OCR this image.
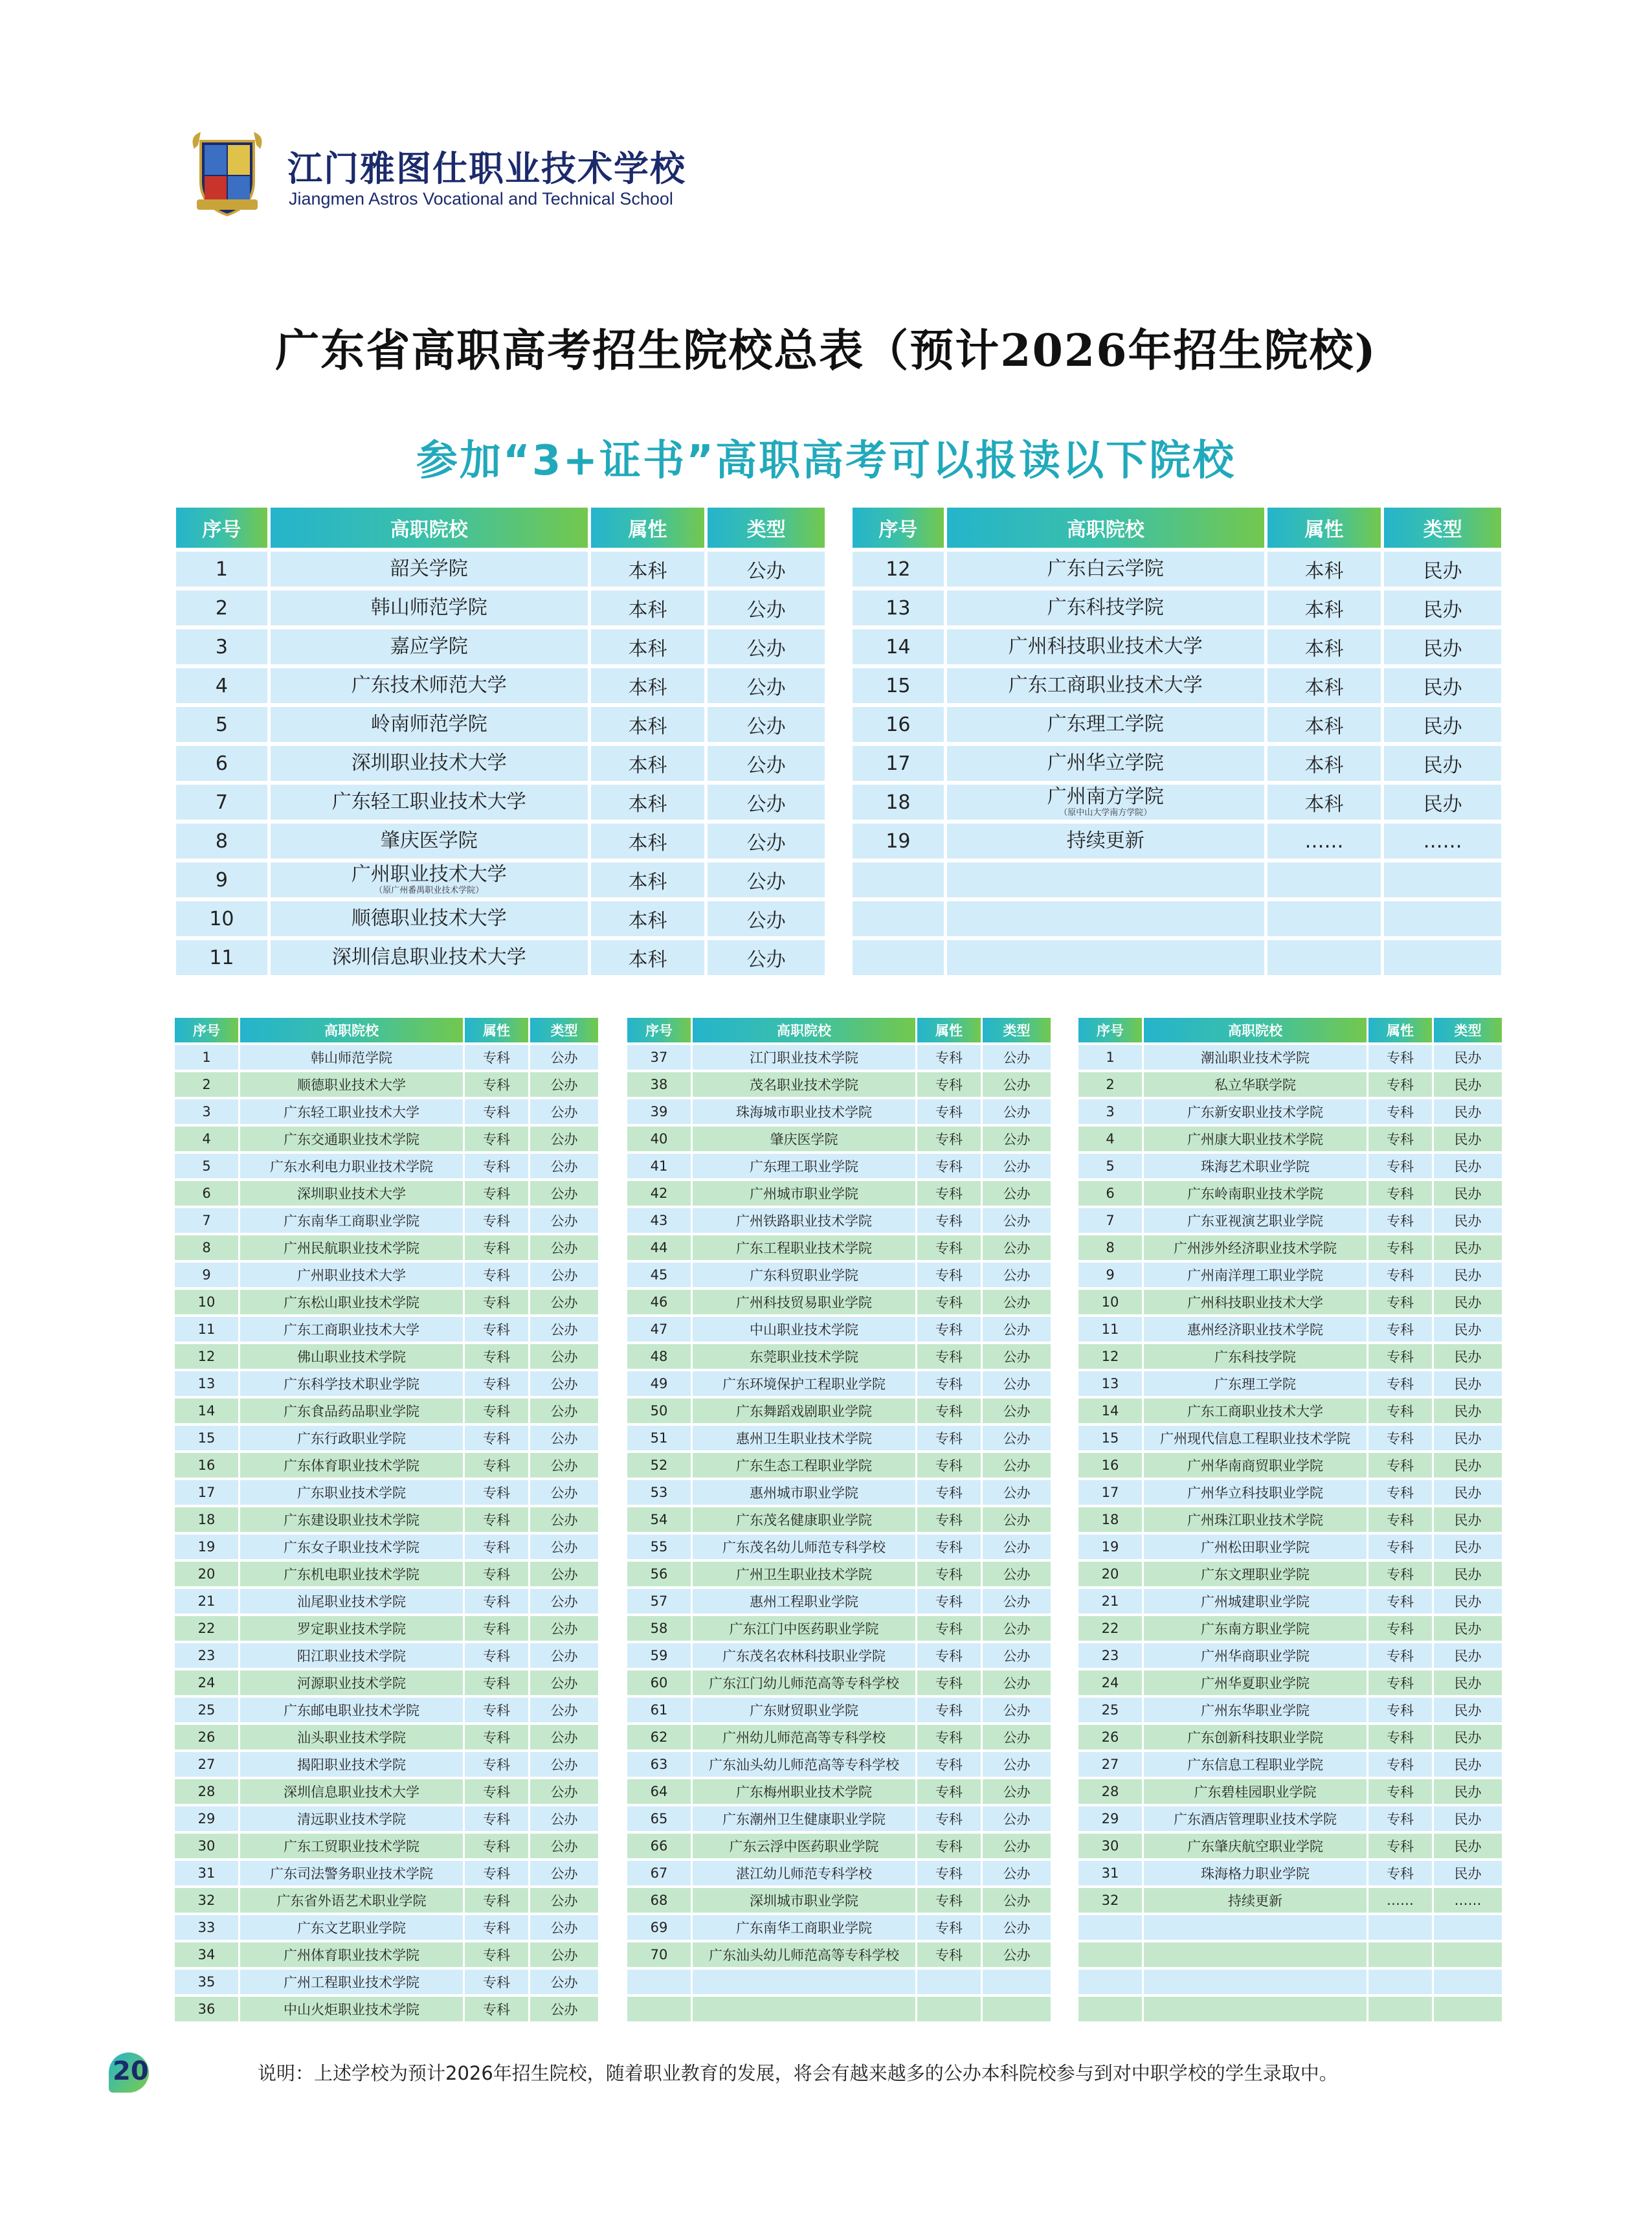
江门雅图仕职业技术学校
Jiangmen Astros Vocational and Technical School
广东省高职高考招生院校总表（预计2026年招生院校)
参加“3+证书”高职高考可以报读以下院校
序号	高职院校	属性	类型
1	韶关学院	本科	公办
2	韩山师范学院	本科	公办
3	嘉应学院	本科	公办
4	广东技术师范大学	本科	公办
5	岭南师范学院	本科	公办
6	深圳职业技术大学	本科	公办
7	广东轻工职业技术大学	本科	公办
8	肇庆医学院	本科	公办
9	广州职业技术大学
（原广州番禺职业技术学院）	本科	公办
10	顺德职业技术大学	本科	公办
11	深圳信息职业技术大学	本科	公办
序号	高职院校	属性	类型
12	广东白云学院	本科	民办
13	广东科技学院	本科	民办
14	广州科技职业技术大学	本科	民办
15	广东工商职业技术大学	本科	民办
16	广东理工学院	本科	民办
17	广州华立学院	本科	民办
18	广州南方学院
（原中山大学南方学院）	本科	民办
19	持续更新	……	……

序号	高职院校	属性	类型
1	韩山师范学院	专科	公办
2	顺德职业技术大学	专科	公办
3	广东轻工职业技术大学	专科	公办
4	广东交通职业技术学院	专科	公办
5	广东水利电力职业技术学院	专科	公办
6	深圳职业技术大学	专科	公办
7	广东南华工商职业学院	专科	公办
8	广州民航职业技术学院	专科	公办
9	广州职业技术大学	专科	公办
10	广东松山职业技术学院	专科	公办
11	广东工商职业技术大学	专科	公办
12	佛山职业技术学院	专科	公办
13	广东科学技术职业学院	专科	公办
14	广东食品药品职业学院	专科	公办
15	广东行政职业学院	专科	公办
16	广东体育职业技术学院	专科	公办
17	广东职业技术学院	专科	公办
18	广东建设职业技术学院	专科	公办
19	广东女子职业技术学院	专科	公办
20	广东机电职业技术学院	专科	公办
21	汕尾职业技术学院	专科	公办
22	罗定职业技术学院	专科	公办
23	阳江职业技术学院	专科	公办
24	河源职业技术学院	专科	公办
25	广东邮电职业技术学院	专科	公办
26	汕头职业技术学院	专科	公办
27	揭阳职业技术学院	专科	公办
28	深圳信息职业技术大学	专科	公办
29	清远职业技术学院	专科	公办
30	广东工贸职业技术学院	专科	公办
31	广东司法警务职业技术学院	专科	公办
32	广东省外语艺术职业学院	专科	公办
33	广东文艺职业学院	专科	公办
34	广州体育职业技术学院	专科	公办
35	广州工程职业技术学院	专科	公办
36	中山火炬职业技术学院	专科	公办
序号	高职院校	属性	类型
37	江门职业技术学院	专科	公办
38	茂名职业技术学院	专科	公办
39	珠海城市职业技术学院	专科	公办
40	肇庆医学院	专科	公办
41	广东理工职业学院	专科	公办
42	广州城市职业学院	专科	公办
43	广州铁路职业技术学院	专科	公办
44	广东工程职业技术学院	专科	公办
45	广东科贸职业学院	专科	公办
46	广州科技贸易职业学院	专科	公办
47	中山职业技术学院	专科	公办
48	东莞职业技术学院	专科	公办
49	广东环境保护工程职业学院	专科	公办
50	广东舞蹈戏剧职业学院	专科	公办
51	惠州卫生职业技术学院	专科	公办
52	广东生态工程职业学院	专科	公办
53	惠州城市职业学院	专科	公办
54	广东茂名健康职业学院	专科	公办
55	广东茂名幼儿师范专科学校	专科	公办
56	广州卫生职业技术学院	专科	公办
57	惠州工程职业学院	专科	公办
58	广东江门中医药职业学院	专科	公办
59	广东茂名农林科技职业学院	专科	公办
60	广东江门幼儿师范高等专科学校	专科	公办
61	广东财贸职业学院	专科	公办
62	广州幼儿师范高等专科学校	专科	公办
63	广东汕头幼儿师范高等专科学校	专科	公办
64	广东梅州职业技术学院	专科	公办
65	广东潮州卫生健康职业学院	专科	公办
66	广东云浮中医药职业学院	专科	公办
67	湛江幼儿师范专科学校	专科	公办
68	深圳城市职业学院	专科	公办
69	广东南华工商职业学院	专科	公办
70	广东汕头幼儿师范高等专科学校	专科	公办

序号	高职院校	属性	类型
1	潮汕职业技术学院	专科	民办
2	私立华联学院	专科	民办
3	广东新安职业技术学院	专科	民办
4	广州康大职业技术学院	专科	民办
5	珠海艺术职业学院	专科	民办
6	广东岭南职业技术学院	专科	民办
7	广东亚视演艺职业学院	专科	民办
8	广州涉外经济职业技术学院	专科	民办
9	广州南洋理工职业学院	专科	民办
10	广州科技职业技术大学	专科	民办
11	惠州经济职业技术学院	专科	民办
12	广东科技学院	专科	民办
13	广东理工学院	专科	民办
14	广东工商职业技术大学	专科	民办
15	广州现代信息工程职业技术学院	专科	民办
16	广州华南商贸职业学院	专科	民办
17	广州华立科技职业学院	专科	民办
18	广州珠江职业技术学院	专科	民办
19	广州松田职业学院	专科	民办
20	广东文理职业学院	专科	民办
21	广州城建职业学院	专科	民办
22	广东南方职业学院	专科	民办
23	广州华商职业学院	专科	民办
24	广州华夏职业学院	专科	民办
25	广州东华职业学院	专科	民办
26	广东创新科技职业学院	专科	民办
27	广东信息工程职业学院	专科	民办
28	广东碧桂园职业学院	专科	民办
29	广东酒店管理职业技术学院	专科	民办
30	广东肇庆航空职业学院	专科	民办
31	珠海格力职业学院	专科	民办
32	持续更新	……	……

20	说明：上述学校为预计2026年招生院校，随着职业教育的发展，将会有越来越多的公办本科院校参与到对中职学校的学生录取中。
